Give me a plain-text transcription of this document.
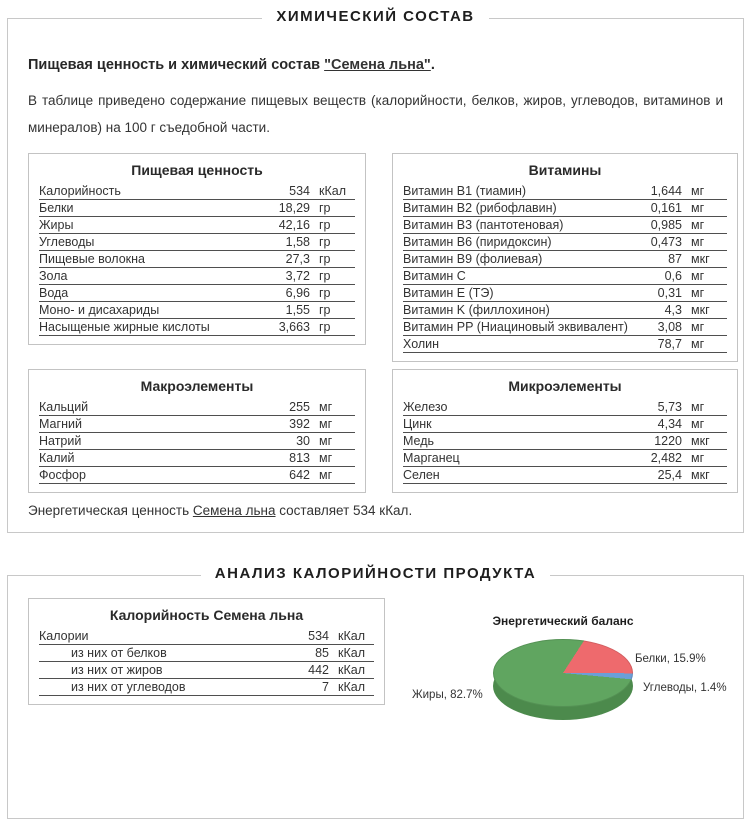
ХИМИЧЕСКИЙ СОСТАВ

Пищевая ценность и химический состав "Семена льна".

В таблице приведено содержание пищевых веществ (калорийности, белков, жиров, углеводов, витаминов и минералов) на 100 г съедобной части.

Пищевая ценность
Калорийность	534	кКал
Белки	18,29	гр
Жиры	42,16	гр
Углеводы	1,58	гр
Пищевые волокна	27,3	гр
Зола	3,72	гр
Вода	6,96	гр
Моно- и дисахариды	1,55	гр
Насыщеные жирные кислоты	3,663	гр
Витамины
Витамин B1 (тиамин)	1,644	мг
Витамин B2 (рибофлавин)	0,161	мг
Витамин B3 (пантотеновая)	0,985	мг
Витамин B6 (пиридоксин)	0,473	мг
Витамин B9 (фолиевая)	87	мкг
Витамин C	0,6	мг
Витамин E (ТЭ)	0,31	мг
Витамин K (филлохинон)	4,3	мкг
Витамин PP (Ниациновый эквивалент)	3,08	мг
Холин	78,7	мг
Макроэлементы
Кальций	255	мг
Магний	392	мг
Натрий	30	мг
Калий	813	мг
Фосфор	642	мг
Микроэлементы
Железо	5,73	мг
Цинк	4,34	мг
Медь	1220	мкг
Марганец	2,482	мг
Селен	25,4	мкг

Энергетическая ценность Семена льна составляет 534 кКал.

АНАЛИЗ КАЛОРИЙНОСТИ ПРОДУКТА
Калорийность Семена льна
Калории	534	кКал
из них от белков	85	кКал
из них от жиров	442	кКал
из них от углеводов	7	кКал
Энергетический баланс
Белки, 15.9%
Углеводы, 1.4%
Жиры, 82.7%
